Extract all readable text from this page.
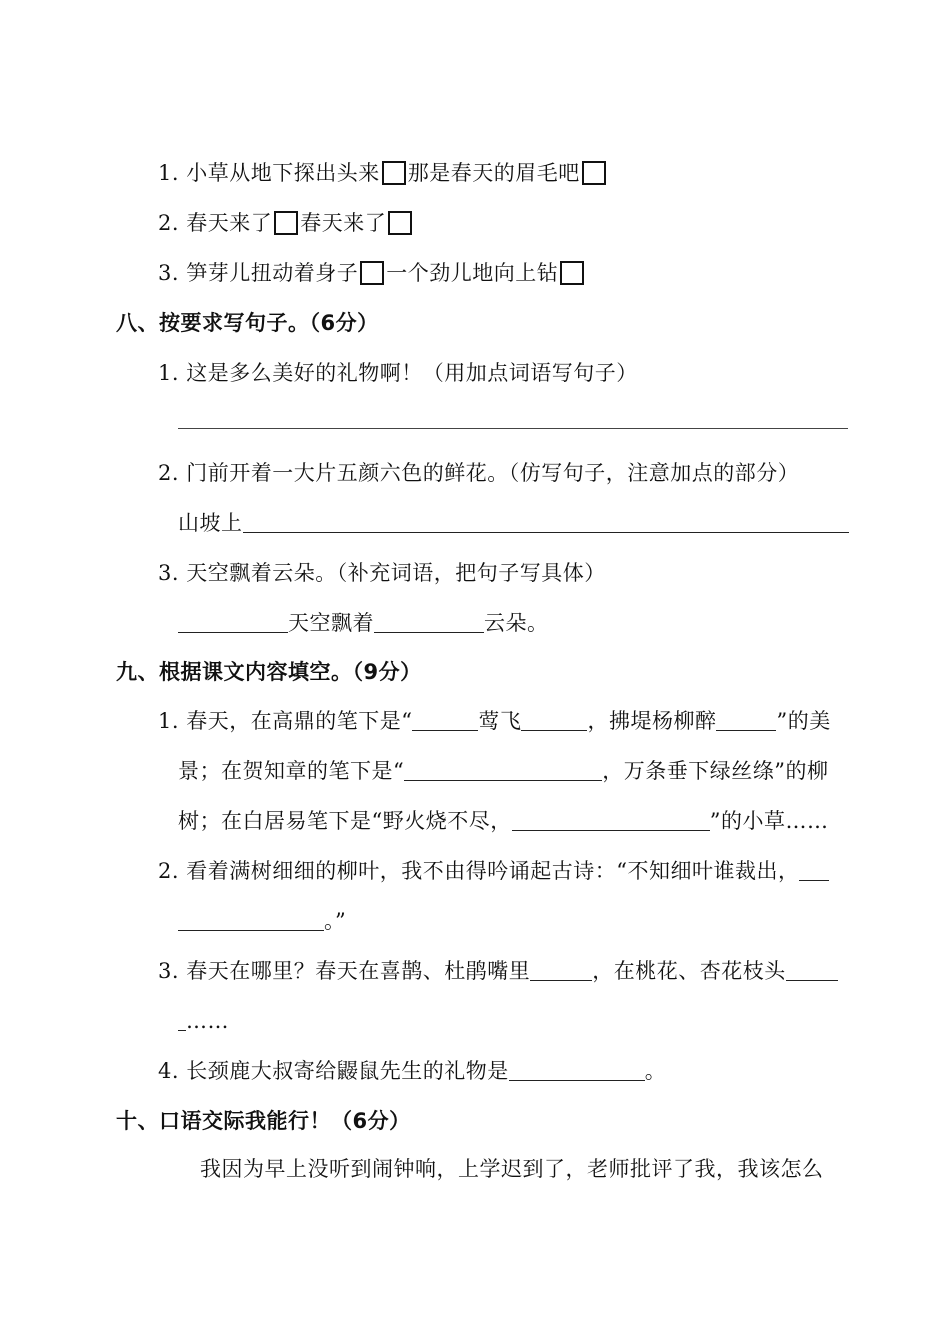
1. 小草从地下探出头来 那是春天的眉毛吧
2. 春天来了 春天来了
3. 笋芽儿扭动着身子 一个劲儿地向上钻
八、按要求写句子。（6分）
1. 这是多么美好的礼物啊！（用加点词语写句子）
2. 门前开着一大片五颜六色的鲜花。（仿写句子，注意加点的部分）
山坡上
3. 天空飘着云朵。（补充词语，把句子写具体）
天空飘着	云朵。
九、根据课文内容填空。（9分）
1. 春天，在高鼎的笔下是“	莺飞	，拂堤杨柳醉	”的美
景；在贺知章的笔下是“	，万条垂下绿丝绦”的柳
树；在白居易笔下是“野火烧不尽，	”的小草……
2. 看着满树细细的柳叶，我不由得吟诵起古诗：“不知细叶谁裁出，
。”
3. 春天在哪里？春天在喜鹊、杜鹃嘴里	，在桃花、杏花枝头
……
4. 长颈鹿大叔寄给鼹鼠先生的礼物是	。
十、口语交际我能行！（6分）
我因为早上没听到闹钟响，上学迟到了，老师批评了我，我该怎么
